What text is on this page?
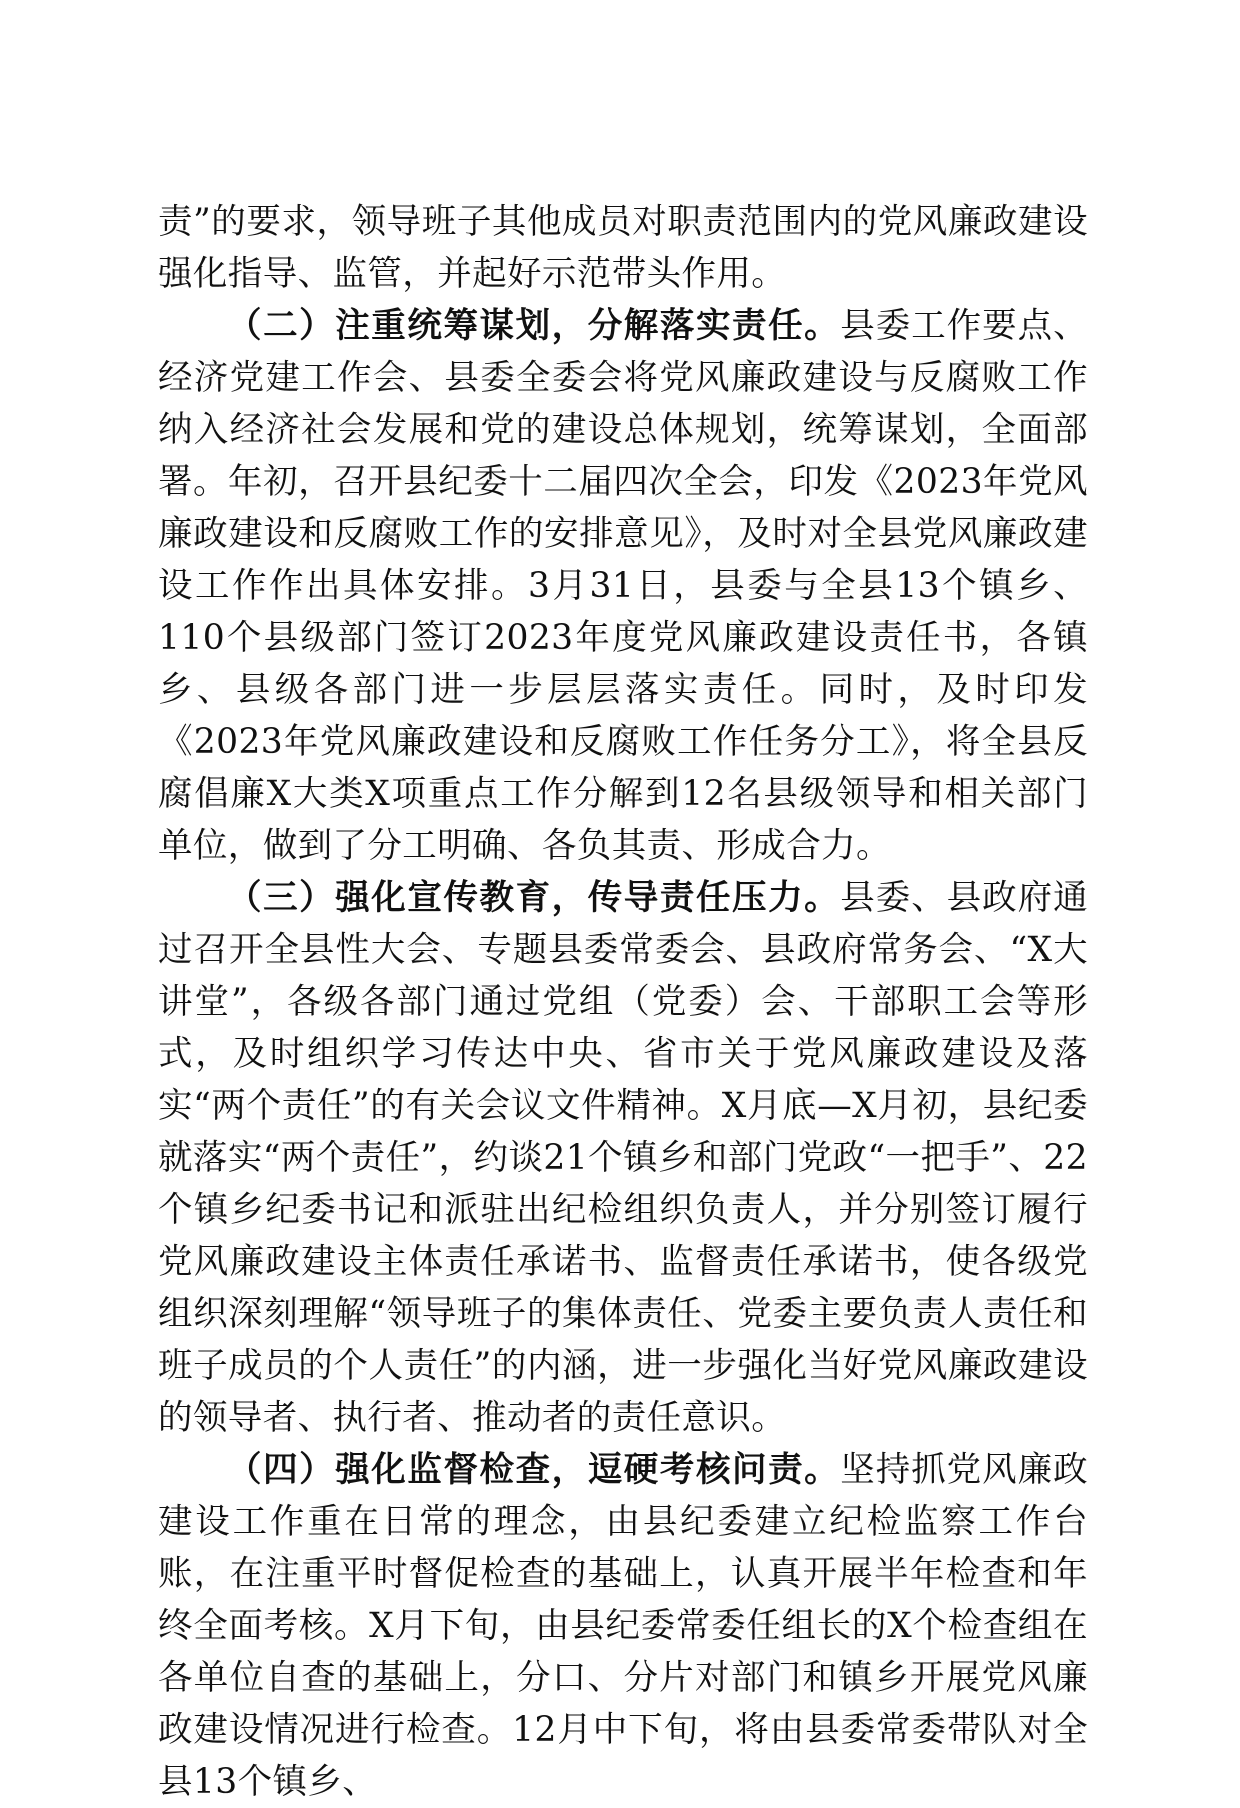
责”的要求，领导班子其他成员对职责范围内的党风廉政建设强化指导、监管，并起好示范带头作用。

（二）注重统筹谋划，分解落实责任。县委工作要点、经济党建工作会、县委全委会将党风廉政建设与反腐败工作纳入经济社会发展和党的建设总体规划，统筹谋划，全面部署。年初，召开县纪委十二届四次全会，印发《2023年党风廉政建设和反腐败工作的安排意见》，及时对全县党风廉政建设工作作出具体安排。3月31日，县委与全县13个镇乡、110个县级部门签订2023年度党风廉政建设责任书，各镇乡、县级各部门进一步层层落实责任。同时，及时印发《2023年党风廉政建设和反腐败工作任务分工》，将全县反腐倡廉X大类X项重点工作分解到12名县级领导和相关部门单位，做到了分工明确、各负其责、形成合力。

（三）强化宣传教育，传导责任压力。县委、县政府通过召开全县性大会、专题县委常委会、县政府常务会、“X大讲堂”，各级各部门通过党组（党委）会、干部职工会等形式，及时组织学习传达中央、省市关于党风廉政建设及落实“两个责任”的有关会议文件精神。X月底—X月初，县纪委就落实“两个责任”，约谈21个镇乡和部门党政“一把手”、22个镇乡纪委书记和派驻出纪检组织负责人，并分别签订履行党风廉政建设主体责任承诺书、监督责任承诺书，使各级党组织深刻理解“领导班子的集体责任、党委主要负责人责任和班子成员的个人责任”的内涵，进一步强化当好党风廉政建设的领导者、执行者、推动者的责任意识。

（四）强化监督检查，逗硬考核问责。坚持抓党风廉政建设工作重在日常的理念，由县纪委建立纪检监察工作台账，在注重平时督促检查的基础上，认真开展半年检查和年终全面考核。X月下旬，由县纪委常委任组长的X个检查组在各单位自查的基础上，分口、分片对部门和镇乡开展党风廉政建设情况进行检查。12月中下旬，将由县委常委带队对全县13个镇乡、
